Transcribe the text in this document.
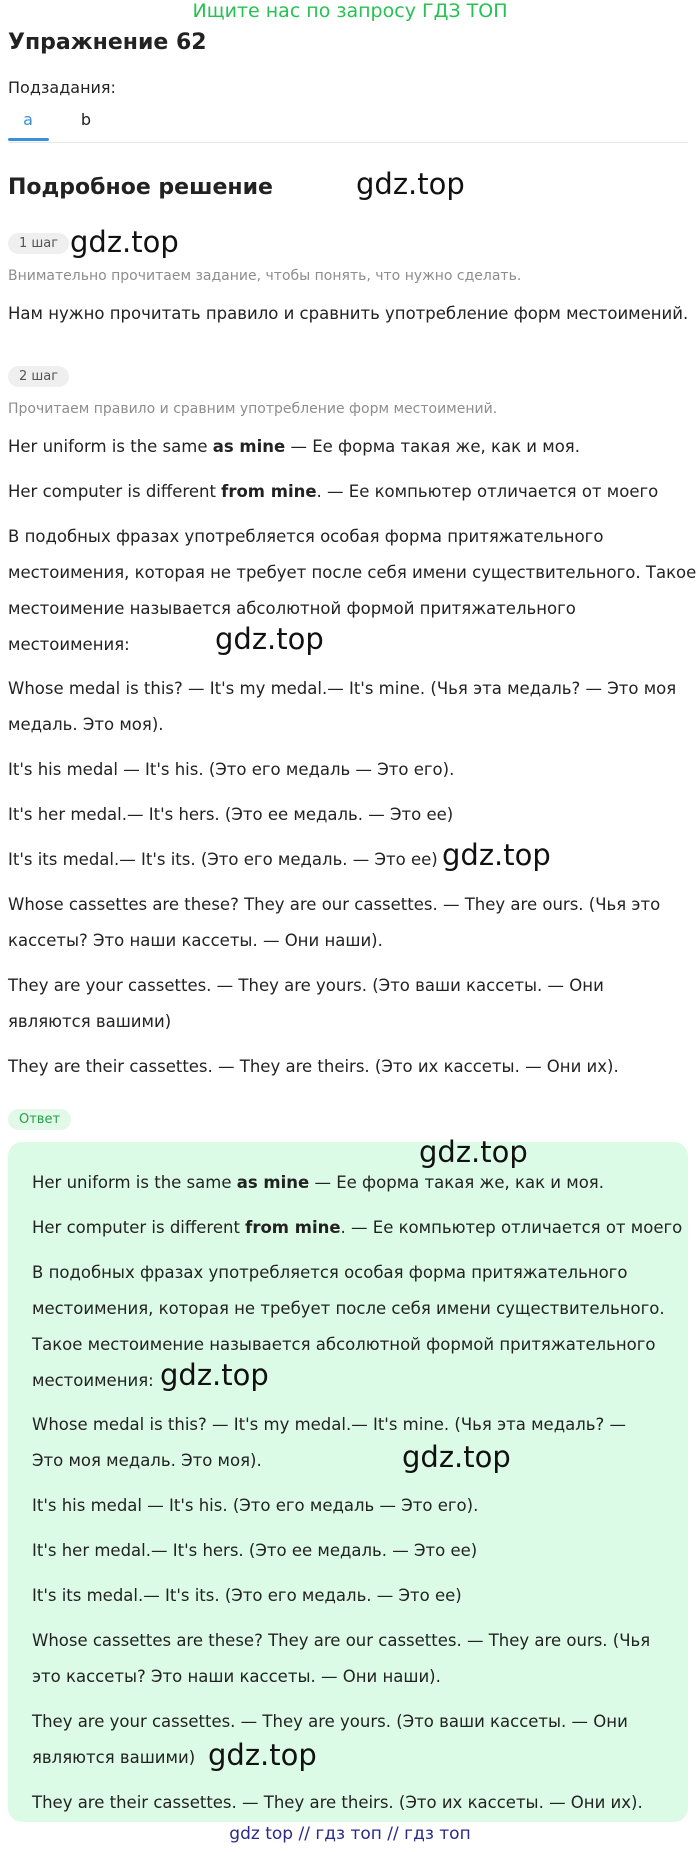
Ищите нас по запросу ГДЗ ТОП
Упражнение 62
Подзадания:
a	b
Подробное решение	gdz.top
1 шаг gdz.top
Внимательно прочитаем задание, чтобы понять, что нужно сделать.
Нам нужно прочитать правило и сравнить употребление форм местоимений.
2 шаг
Прочитаем правило и сравним употребление форм местоимений.
Her uniform is the same as mine — Ее форма такая же, как и моя.
Her computer is different from mine. — Ее компьютер отличается от моего
В подобных фразах употребляется особая форма притяжательного местоимения, которая не требует после себя имени существительного. Такое местоимение называется абсолютной формой притяжательного местоимения:	gdz.top
Whose medal is this? — It's my medal.— It's mine. (Чья эта медаль? — Это моя медаль. Это моя).
It's his medal — It's his. (Это его медаль — Это его).
It's her medal.— It's hers. (Это ее медаль. — Это ее)
It's its medal.— It's its. (Это его медаль. — Это ее) gdz.top
Whose cassettes are these? They are our cassettes. — They are ours. (Чья это кассеты? Это наши кассеты. — Они наши).
They are your cassettes. — They are yours. (Это ваши кассеты. — Они являются вашими)
They are their cassettes. — They are theirs. (Это их кассеты. — Они их).
Ответ
gdz.top
Her uniform is the same as mine — Ее форма такая же, как и моя.
Her computer is different from mine. — Ее компьютер отличается от моего
В подобных фразах употребляется особая форма притяжательного местоимения, которая не требует после себя имени существительного. Такое местоимение называется абсолютной формой притяжательного местоимения: gdz.top
Whose medal is this? — It's my medal.— It's mine. (Чья эта медаль? — Это моя медаль. Это моя).	gdz.top
It's his medal — It's his. (Это его медаль — Это его).
It's her medal.— It's hers. (Это ее медаль. — Это ее)
It's its medal.— It's its. (Это его медаль. — Это ее)
Whose cassettes are these? They are our cassettes. — They are ours. (Чья это кассеты? Это наши кассеты. — Они наши).
They are your cassettes. — They are yours. (Это ваши кассеты. — Они являются вашими) gdz.top
They are their cassettes. — They are theirs. (Это их кассеты. — Они их).
gdz top // гдз топ // гдз топ
